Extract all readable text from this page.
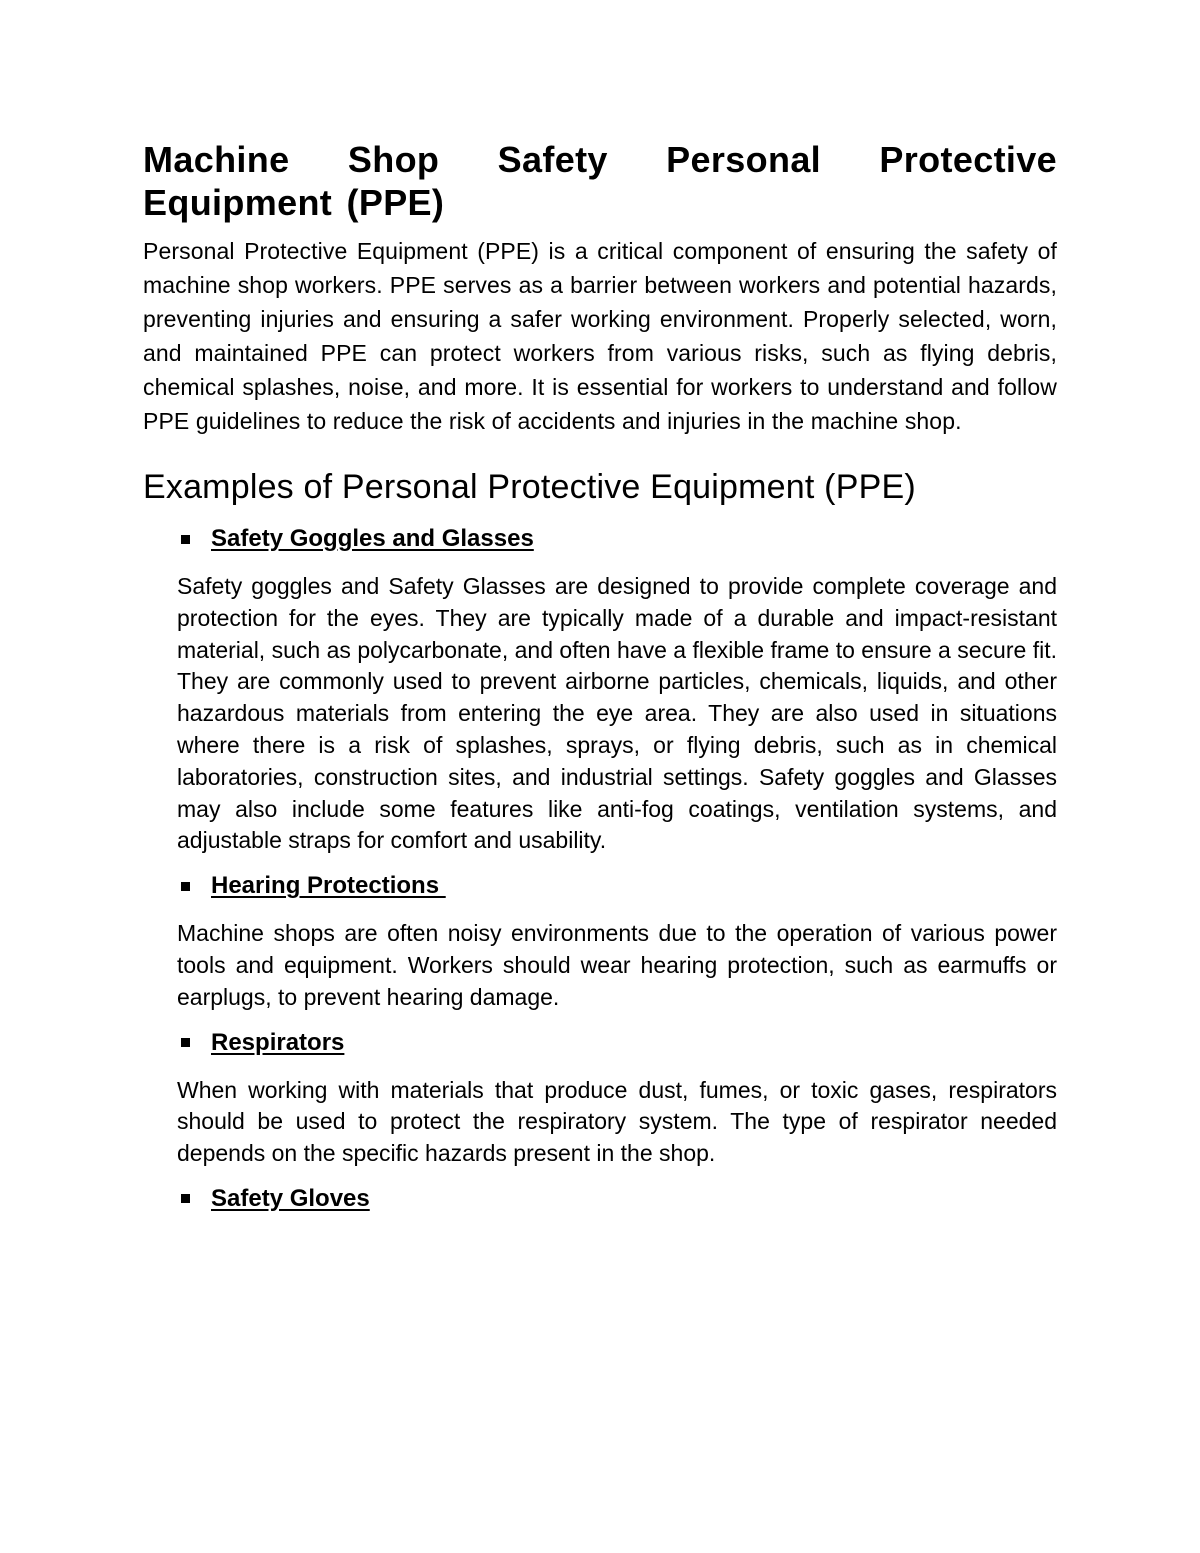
Machine Shop Safety Personal Protective Equipment (PPE)

Personal Protective Equipment (PPE) is a critical component of ensuring the safety of machine shop workers. PPE serves as a barrier between workers and potential hazards, preventing injuries and ensuring a safer working environment. Properly selected, worn, and maintained PPE can protect workers from various risks, such as flying debris, chemical splashes, noise, and more. It is essential for workers to understand and follow PPE guidelines to reduce the risk of accidents and injuries in the machine shop.

Examples of Personal Protective Equipment (PPE)
Safety Goggles and Glasses

Safety goggles and Safety Glasses are designed to provide complete coverage and protection for the eyes. They are typically made of a durable and impact-resistant material, such as polycarbonate, and often have a flexible frame to ensure a secure fit. They are commonly used to prevent airborne particles, chemicals, liquids, and other hazardous materials from entering the eye area. They are also used in situations where there is a risk of splashes, sprays, or flying debris, such as in chemical laboratories, construction sites, and industrial settings. Safety goggles and Glasses may also include some features like anti-fog coatings, ventilation systems, and adjustable straps for comfort and usability.

Hearing Protections

Machine shops are often noisy environments due to the operation of various power tools and equipment. Workers should wear hearing protection, such as earmuffs or earplugs, to prevent hearing damage.

Respirators

When working with materials that produce dust, fumes, or toxic gases, respirators should be used to protect the respiratory system. The type of respirator needed depends on the specific hazards present in the shop.

Safety Gloves
